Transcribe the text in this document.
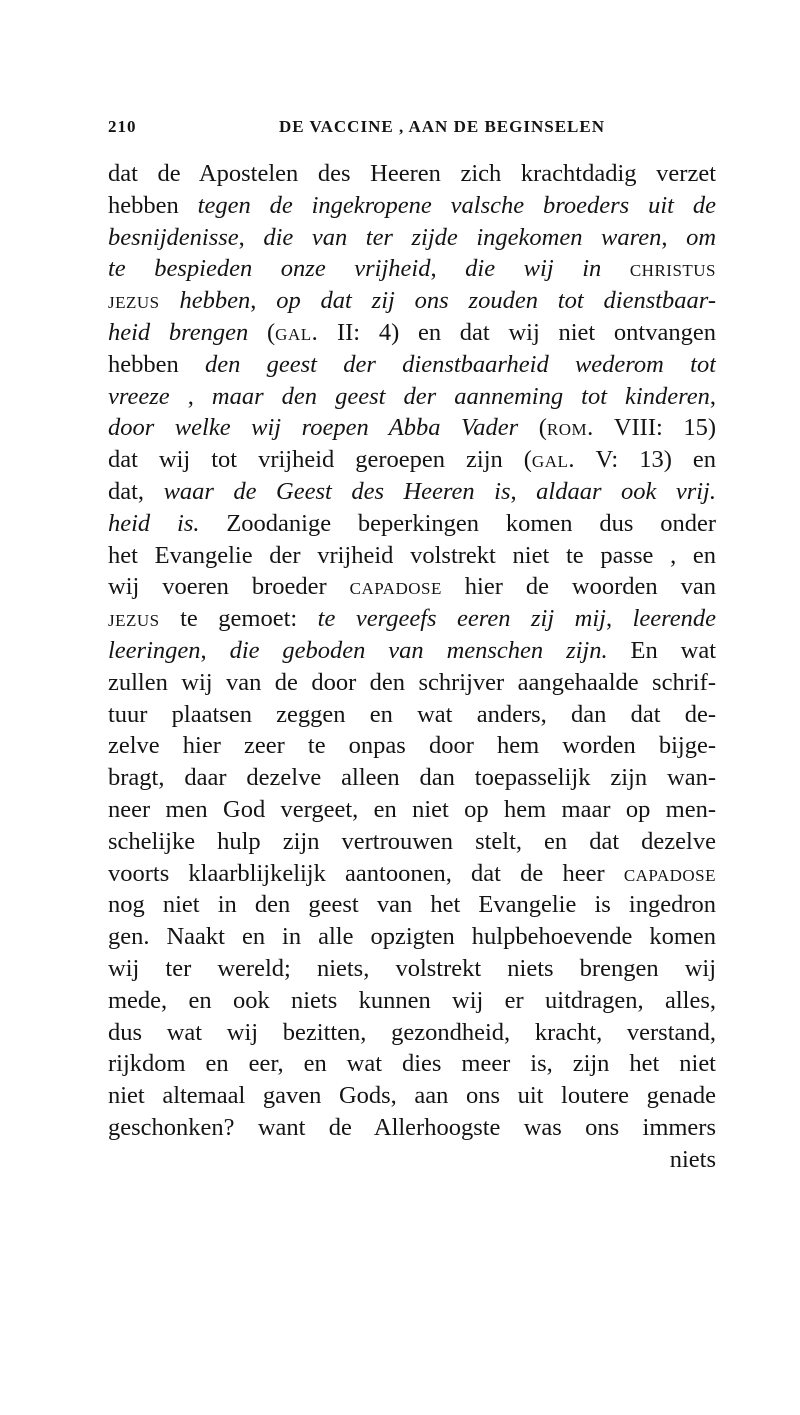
210	DE VACCINE , AAN DE BEGINSELEN
dat de Apostelen des Heeren zich krachtdadig verzet
hebben tegen de ingekropene valsche broeders uit de
besnijdenisse, die van ter zijde ingekomen waren, om
te bespieden onze vrijheid, die wij in christus
jezus hebben, op dat zij ons zouden tot dienstbaar-
heid brengen (gal. II: 4) en dat wij niet ontvangen
hebben den geest der dienstbaarheid wederom tot
vreeze , maar den geest der aanneming tot kinderen,
door welke wij roepen Abba Vader (rom. VIII: 15)
dat wij tot vrijheid geroepen zijn (gal. V: 13) en
dat, waar de Geest des Heeren is, aldaar ook vrij.
heid is. Zoodanige beperkingen komen dus onder
het Evangelie der vrijheid volstrekt niet te passe , en
wij voeren broeder capadose hier de woorden van
jezus te gemoet: te vergeefs eeren zij mij, leerende
leeringen, die geboden van menschen zijn. En wat
zullen wij van de door den schrijver aangehaalde schrif-
tuur plaatsen zeggen en wat anders, dan dat de-
zelve hier zeer te onpas door hem worden bijge-
bragt, daar dezelve alleen dan toepasselijk zijn wan-
neer men God vergeet, en niet op hem maar op men-
schelijke hulp zijn vertrouwen stelt, en dat dezelve
voorts klaarblijkelijk aantoonen, dat de heer capadose
nog niet in den geest van het Evangelie is ingedron
gen. Naakt en in alle opzigten hulpbehoevende komen
wij ter wereld; niets, volstrekt niets brengen wij
mede, en ook niets kunnen wij er uitdragen, alles,
dus wat wij bezitten, gezondheid, kracht, verstand,
rijkdom en eer, en wat dies meer is, zijn het niet
niet altemaal gaven Gods, aan ons uit loutere genade
geschonken? want de Allerhoogste was ons immers
niets
